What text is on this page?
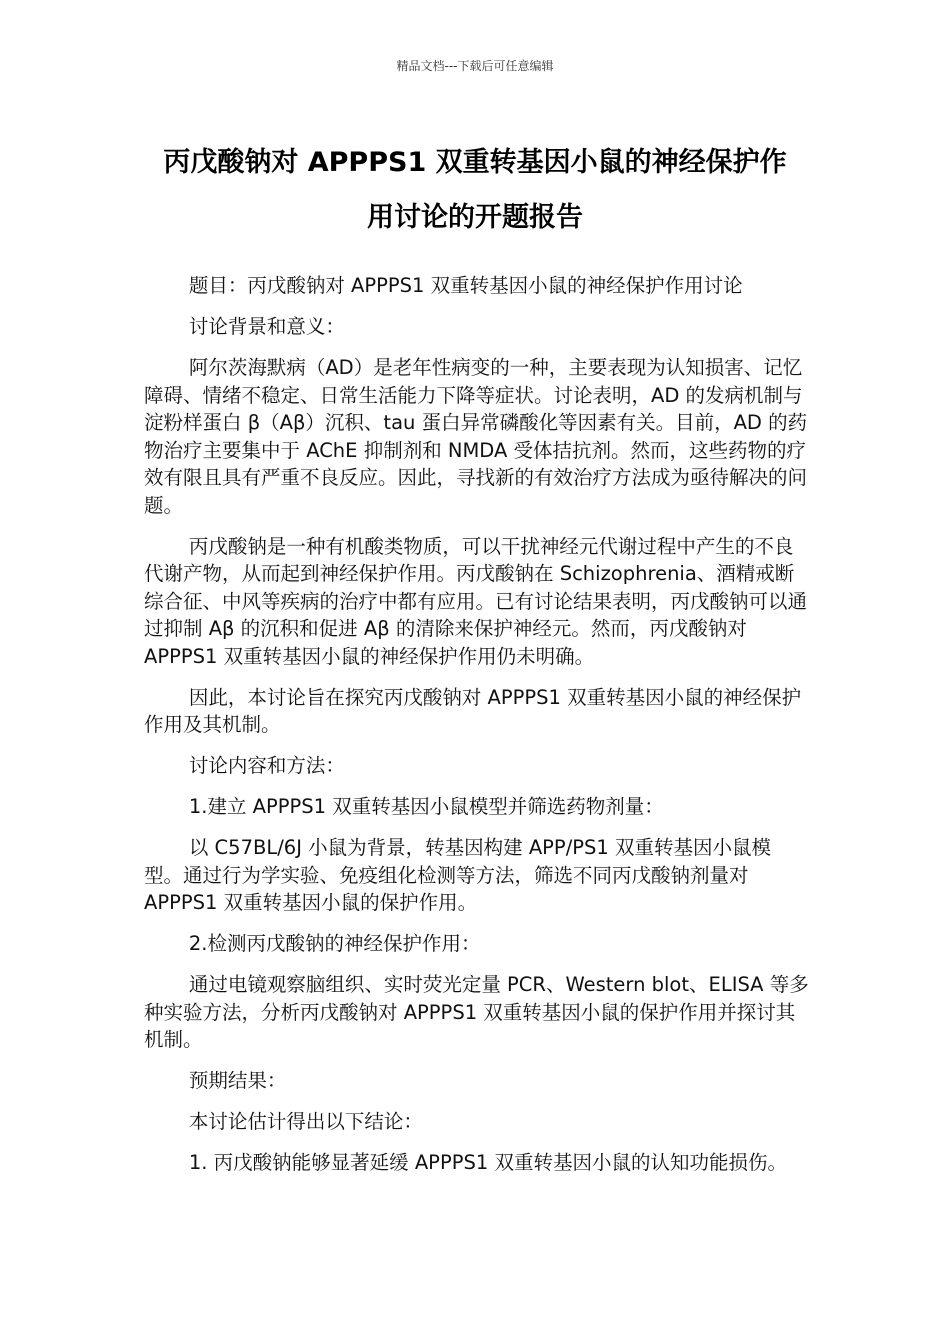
精品文档---下载后可任意编辑
丙戊酸钠对 APPPS1 双重转基因小鼠的神经保护作
用讨论的开题报告

题目：丙戊酸钠对 APPPS1 双重转基因小鼠的神经保护作用讨论

讨论背景和意义：

阿尔茨海默病（AD）是老年性病变的一种，主要表现为认知损害、记忆障碍、情绪不稳定、日常生活能力下降等症状。讨论表明，AD 的发病机制与淀粉样蛋白 β（Aβ）沉积、tau 蛋白异常磷酸化等因素有关。目前，AD 的药物治疗主要集中于 AChE 抑制剂和 NMDA 受体拮抗剂。然而，这些药物的疗效有限且具有严重不良反应。因此，寻找新的有效治疗方法成为亟待解决的问题。

丙戊酸钠是一种有机酸类物质，可以干扰神经元代谢过程中产生的不良代谢产物，从而起到神经保护作用。丙戊酸钠在 Schizophrenia、酒精戒断综合征、中风等疾病的治疗中都有应用。已有讨论结果表明，丙戊酸钠可以通过抑制 Aβ 的沉积和促进 Aβ 的清除来保护神经元。然而，丙戊酸钠对 APPPS1 双重转基因小鼠的神经保护作用仍未明确。

因此，本讨论旨在探究丙戊酸钠对 APPPS1 双重转基因小鼠的神经保护作用及其机制。

讨论内容和方法：

1.建立 APPPS1 双重转基因小鼠模型并筛选药物剂量：

以 C57BL/6J 小鼠为背景，转基因构建 APP/PS1 双重转基因小鼠模型。通过行为学实验、免疫组化检测等方法，筛选不同丙戊酸钠剂量对 APPPS1 双重转基因小鼠的保护作用。

2.检测丙戊酸钠的神经保护作用：

通过电镜观察脑组织、实时荧光定量 PCR、Western blot、ELISA 等多种实验方法，分析丙戊酸钠对 APPPS1 双重转基因小鼠的保护作用并探讨其机制。

预期结果：

本讨论估计得出以下结论：

1. 丙戊酸钠能够显著延缓 APPPS1 双重转基因小鼠的认知功能损伤。
